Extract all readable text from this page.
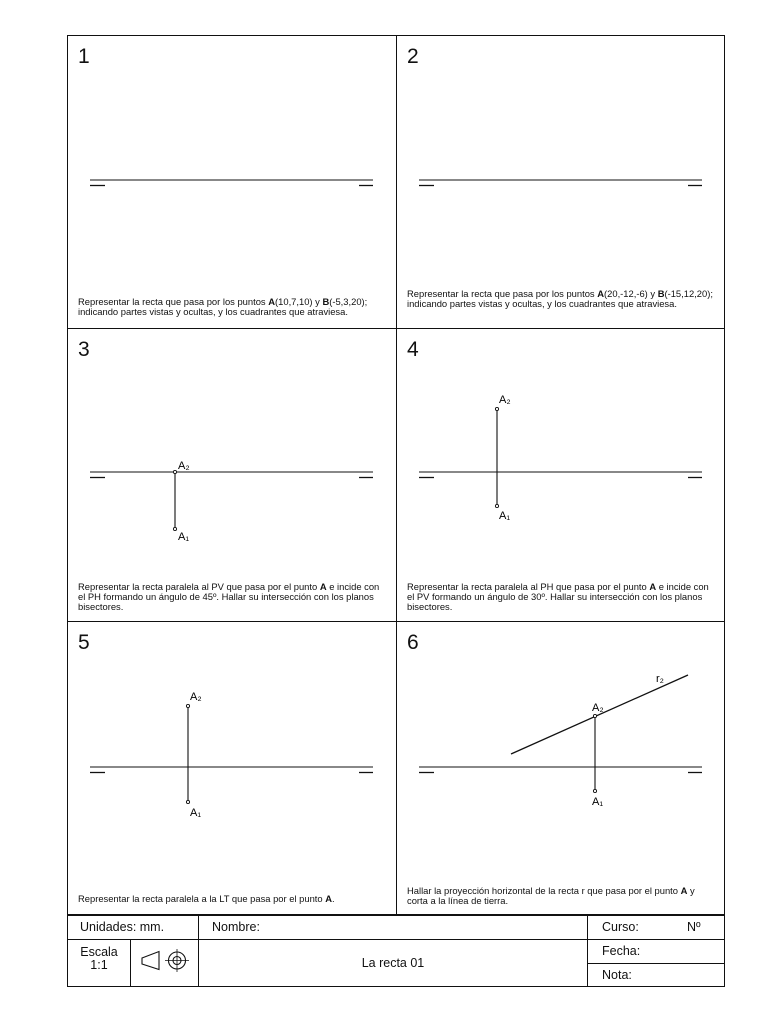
1
Representar la recta que pasa por los puntos A(10,7,10) y B(-5,3,20); indicando partes vistas y ocultas, y los cuadrantes que atraviesa.
2
Representar la recta que pasa por los puntos A(20,-12,-6) y B(-15,12,20); indicando partes vistas y ocultas, y los cuadrantes que atraviesa.
3
A₂
A₁
Representar la recta paralela al PV que pasa por el punto A e incide con el PH formando un ángulo de 45º. Hallar su intersección con los planos bisectores.
4
A₂
A₁
Representar la recta paralela al PH que pasa por el punto A e incide con el PV formando un ángulo de 30º. Hallar su intersección con los planos bisectores.
5
A₂
A₁
Representar la recta paralela a la LT que pasa por el punto A.
6
A₂
A₁
r₂
Hallar la proyección horizontal de la recta r que pasa por el punto A y corta a la línea de tierra.
Unidades: mm.	Nombre:	Curso:	Nº
Escala
1:1	La recta 01
Fecha:
Nota:
